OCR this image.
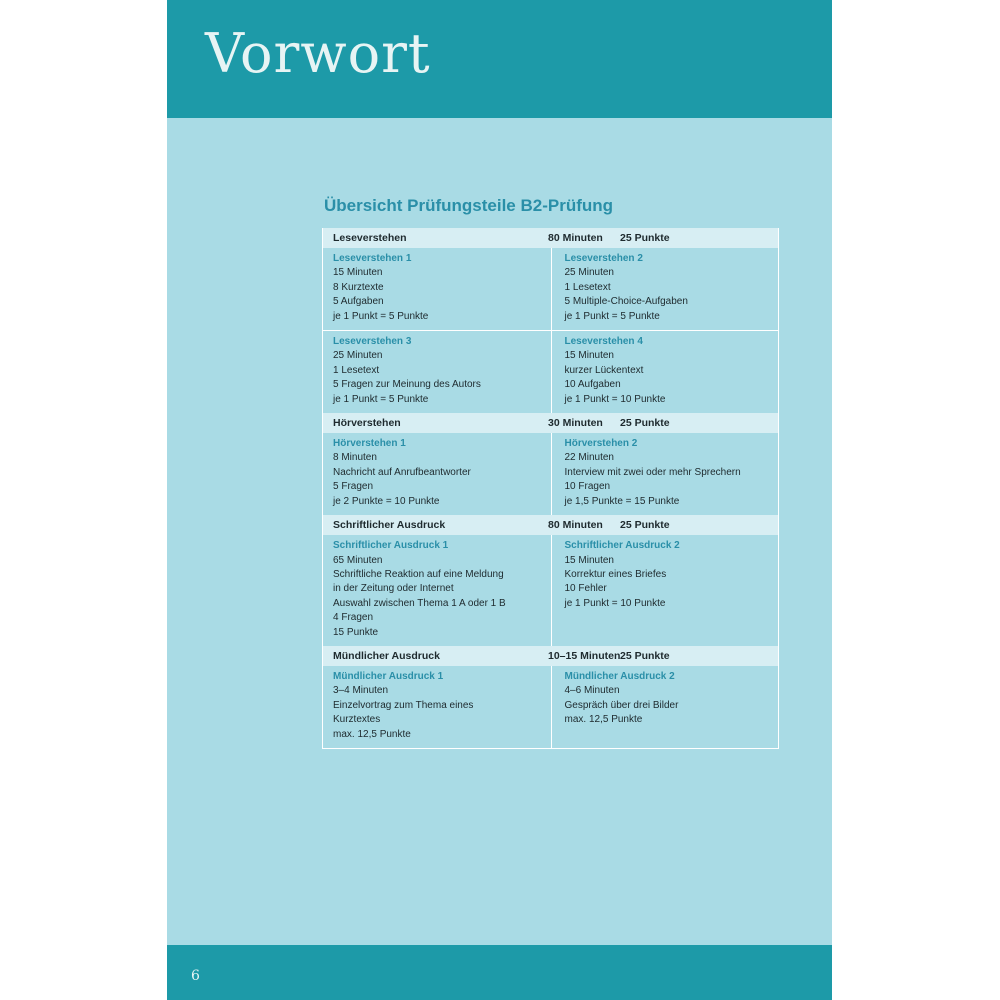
Vorwort
Übersicht Prüfungsteile B2-Prüfung
Leseverstehen	80 Minuten 25 Punkte
Leseverstehen 1
15 Minuten
8 Kurztexte
5 Aufgaben
je 1 Punkt = 5 Punkte
Leseverstehen 2
25 Minuten
1 Lesetext
5 Multiple-Choice-Aufgaben
je 1 Punkt = 5 Punkte
Leseverstehen 3
25 Minuten
1 Lesetext
5 Fragen zur Meinung des Autors
je 1 Punkt = 5 Punkte
Leseverstehen 4
15 Minuten
kurzer Lückentext
10 Aufgaben
je 1 Punkt = 10 Punkte
Hörverstehen	30 Minuten 25 Punkte
Hörverstehen 1
8 Minuten
Nachricht auf Anrufbeantworter
5 Fragen
je 2 Punkte = 10 Punkte
Hörverstehen 2
22 Minuten
Interview mit zwei oder mehr Sprechern
10 Fragen
je 1,5 Punkte = 15 Punkte
Schriftlicher Ausdruck	80 Minuten 25 Punkte
Schriftlicher Ausdruck 1
65 Minuten
Schriftliche Reaktion auf eine Meldung
in der Zeitung oder Internet
Auswahl zwischen Thema 1 A oder 1 B
4 Fragen
15 Punkte
Schriftlicher Ausdruck 2
15 Minuten
Korrektur eines Briefes
10 Fehler
je 1 Punkt = 10 Punkte
Mündlicher Ausdruck	10–15 Minuten 25 Punkte
Mündlicher Ausdruck 1
3–4 Minuten
Einzelvortrag zum Thema eines
Kurztextes
max. 12,5 Punkte
Mündlicher Ausdruck 2
4–6 Minuten
Gespräch über drei Bilder
max. 12,5 Punkte
6
